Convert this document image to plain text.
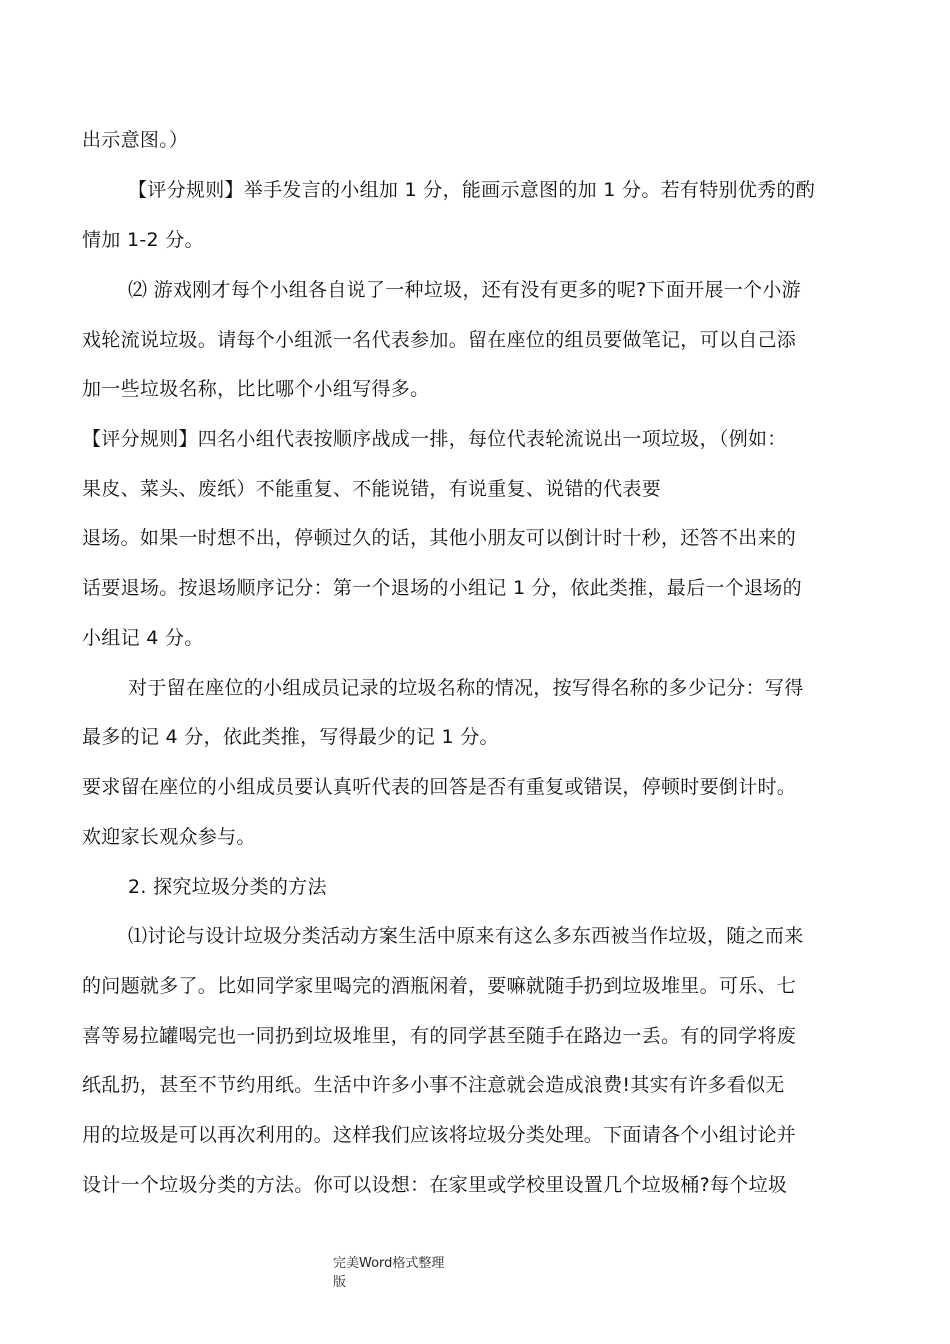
出示意图。）
【评分规则】举手发言的小组加 1 分，能画示意图的加 1 分。若有特别优秀的酌
情加 1-2 分。
⑵ 游戏刚才每个小组各自说了一种垃圾，还有没有更多的呢?下面开展一个小游
戏轮流说垃圾。请每个小组派一名代表参加。留在座位的组员要做笔记，可以自己添
加一些垃圾名称，比比哪个小组写得多。
【评分规则】四名小组代表按顺序战成一排，每位代表轮流说出一项垃圾，（例如：
果皮、菜头、废纸）不能重复、不能说错，有说重复、说错的代表要
退场。如果一时想不出，停顿过久的话，其他小朋友可以倒计时十秒，还答不出来的
话要退场。按退场顺序记分：第一个退场的小组记 1 分，依此类推，最后一个退场的
小组记 4 分。
对于留在座位的小组成员记录的垃圾名称的情况，按写得名称的多少记分：写得
最多的记 4 分，依此类推，写得最少的记 1 分。
要求留在座位的小组成员要认真听代表的回答是否有重复或错误，停顿时要倒计时。
欢迎家长观众参与。
2. 探究垃圾分类的方法
⑴讨论与设计垃圾分类活动方案生活中原来有这么多东西被当作垃圾，随之而来
的问题就多了。比如同学家里喝完的酒瓶闲着，要嘛就随手扔到垃圾堆里。可乐、七
喜等易拉罐喝完也一同扔到垃圾堆里，有的同学甚至随手在路边一丢。有的同学将废
纸乱扔，甚至不节约用纸。生活中许多小事不注意就会造成浪费!其实有许多看似无
用的垃圾是可以再次利用的。这样我们应该将垃圾分类处理。下面请各个小组讨论并
设计一个垃圾分类的方法。你可以设想：在家里或学校里设置几个垃圾桶?每个垃圾
完美Word格式整理
版
